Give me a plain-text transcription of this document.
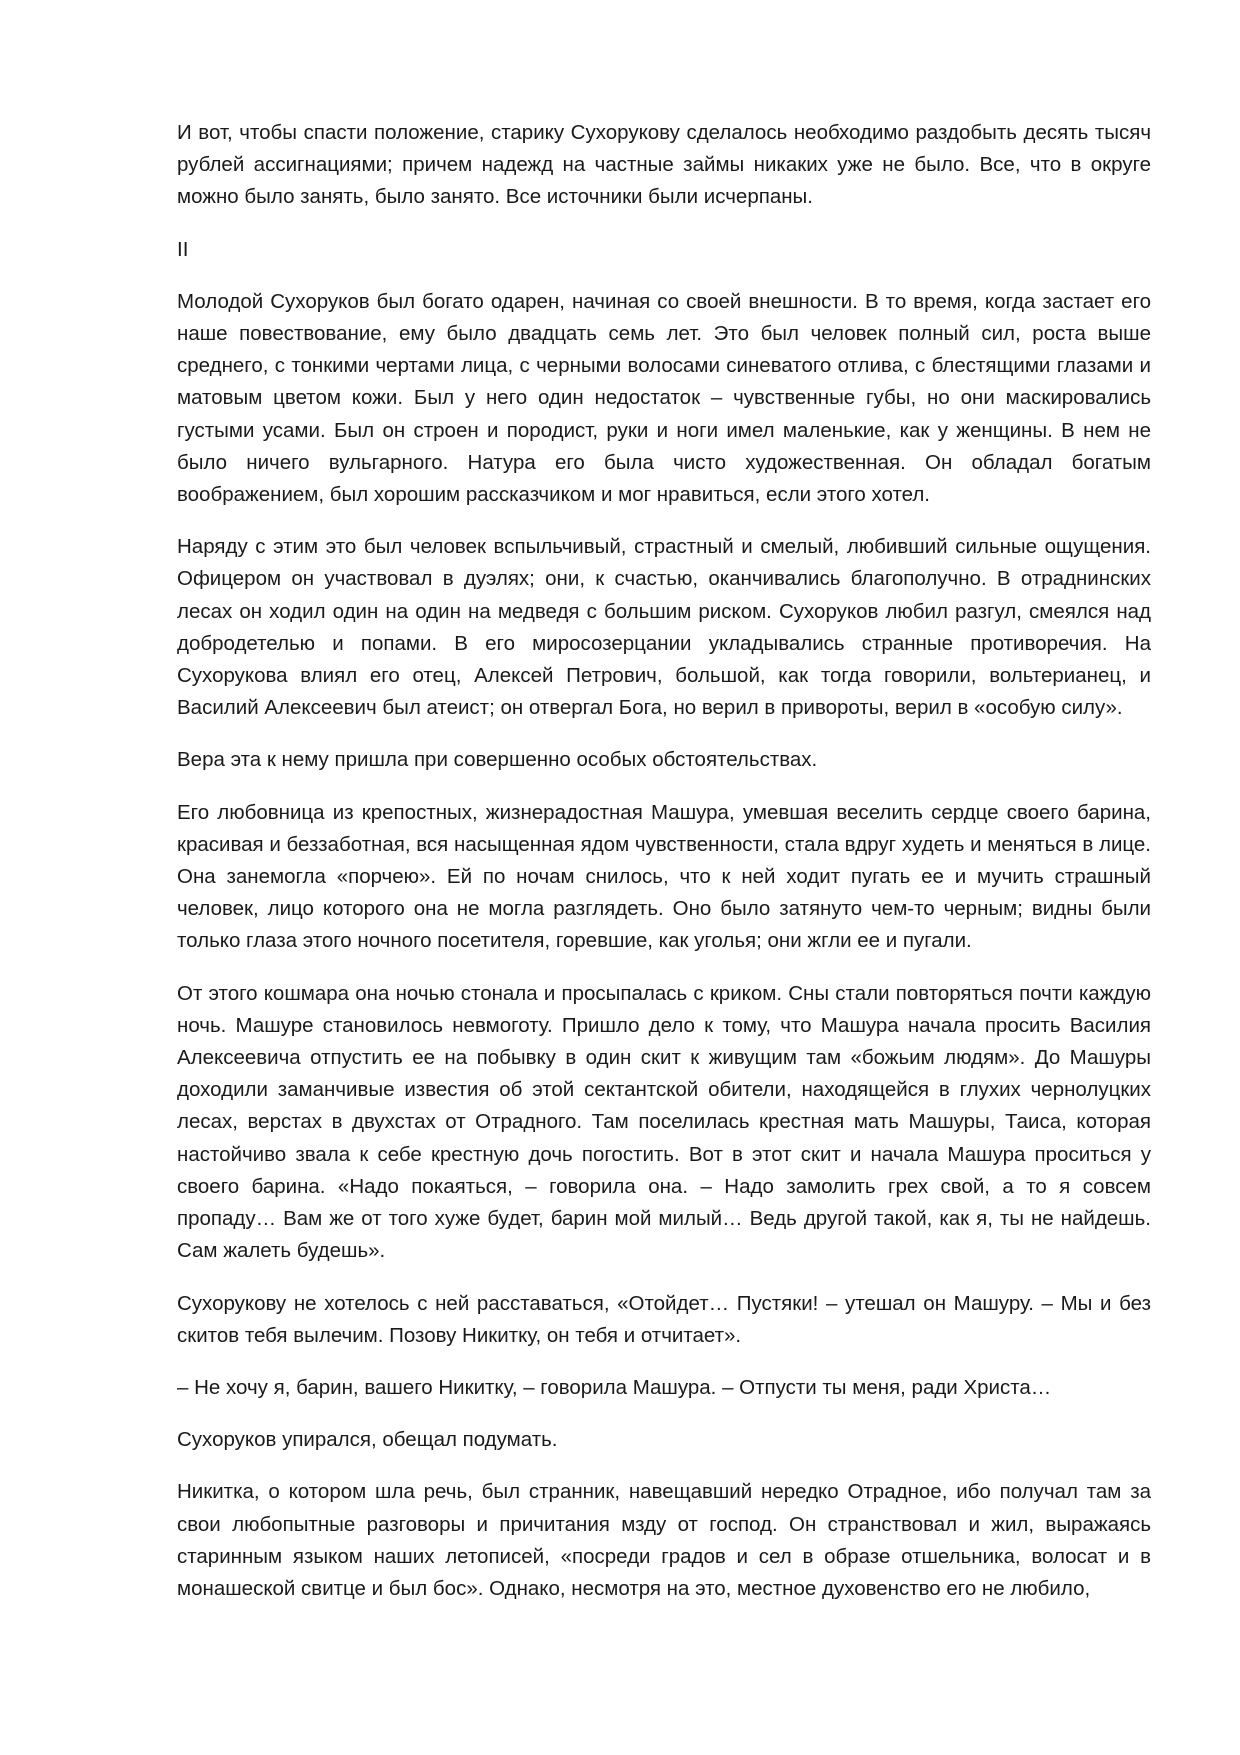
И вот, чтобы спасти положение, старику Сухорукову сделалось необходимо раздобыть десять тысяч рублей ассигнациями; причем надежд на частные займы никаких уже не было. Все, что в округе можно было занять, было занято. Все источники были исчерпаны.

II

Молодой Сухоруков был богато одарен, начиная со своей внешности. В то время, когда застает его наше повествование, ему было двадцать семь лет. Это был человек полный сил, роста выше среднего, с тонкими чертами лица, с черными волосами синеватого отлива, с блестящими глазами и матовым цветом кожи. Был у него один недостаток – чувственные губы, но они маскировались густыми усами. Был он строен и породист, руки и ноги имел маленькие, как у женщины. В нем не было ничего вульгарного. Натура его была чисто художественная. Он обладал богатым воображением, был хорошим рассказчиком и мог нравиться, если этого хотел.

Наряду с этим это был человек вспыльчивый, страстный и смелый, любивший сильные ощущения. Офицером он участвовал в дуэлях; они, к счастью, оканчивались благополучно. В отраднинских лесах он ходил один на один на медведя с большим риском. Сухоруков любил разгул, смеялся над добродетелью и попами. В его миросозерцании укладывались странные противоречия. На Сухорукова влиял его отец, Алексей Петрович, большой, как тогда говорили, вольтерианец, и Василий Алексеевич был атеист; он отвергал Бога, но верил в привороты, верил в «особую силу».

Вера эта к нему пришла при совершенно особых обстоятельствах.

Его любовница из крепостных, жизнерадостная Машура, умевшая веселить сердце своего барина, красивая и беззаботная, вся насыщенная ядом чувственности, стала вдруг худеть и меняться в лице. Она занемогла «порчею». Ей по ночам снилось, что к ней ходит пугать ее и мучить страшный человек, лицо которого она не могла разглядеть. Оно было затянуто чем-то черным; видны были только глаза этого ночного посетителя, горевшие, как уголья; они жгли ее и пугали.

От этого кошмара она ночью стонала и просыпалась с криком. Сны стали повторяться почти каждую ночь. Машуре становилось невмоготу. Пришло дело к тому, что Машура начала просить Василия Алексеевича отпустить ее на побывку в один скит к живущим там «божьим людям». До Машуры доходили заманчивые известия об этой сектантской обители, находящейся в глухих чернолуцких лесах, верстах в двухстах от Отрадного. Там поселилась крестная мать Машуры, Таиса, которая настойчиво звала к себе крестную дочь погостить. Вот в этот скит и начала Машура проситься у своего барина. «Надо покаяться, – говорила она. – Надо замолить грех свой, а то я совсем пропаду… Вам же от того хуже будет, барин мой милый… Ведь другой такой, как я, ты не найдешь. Сам жалеть будешь».

Сухорукову не хотелось с ней расставаться, «Отойдет… Пустяки! – утешал он Машуру. – Мы и без скитов тебя вылечим. Позову Никитку, он тебя и отчитает».

– Не хочу я, барин, вашего Никитку, – говорила Машура. – Отпусти ты меня, ради Христа…

Сухоруков упирался, обещал подумать.

Никитка, о котором шла речь, был странник, навещавший нередко Отрадное, ибо получал там за свои любопытные разговоры и причитания мзду от господ. Он странствовал и жил, выражаясь старинным языком наших летописей, «посреди градов и сел в образе отшельника, волосат и в монашеской свитце и был бос». Однако, несмотря на это, местное духовенство его не любило,
